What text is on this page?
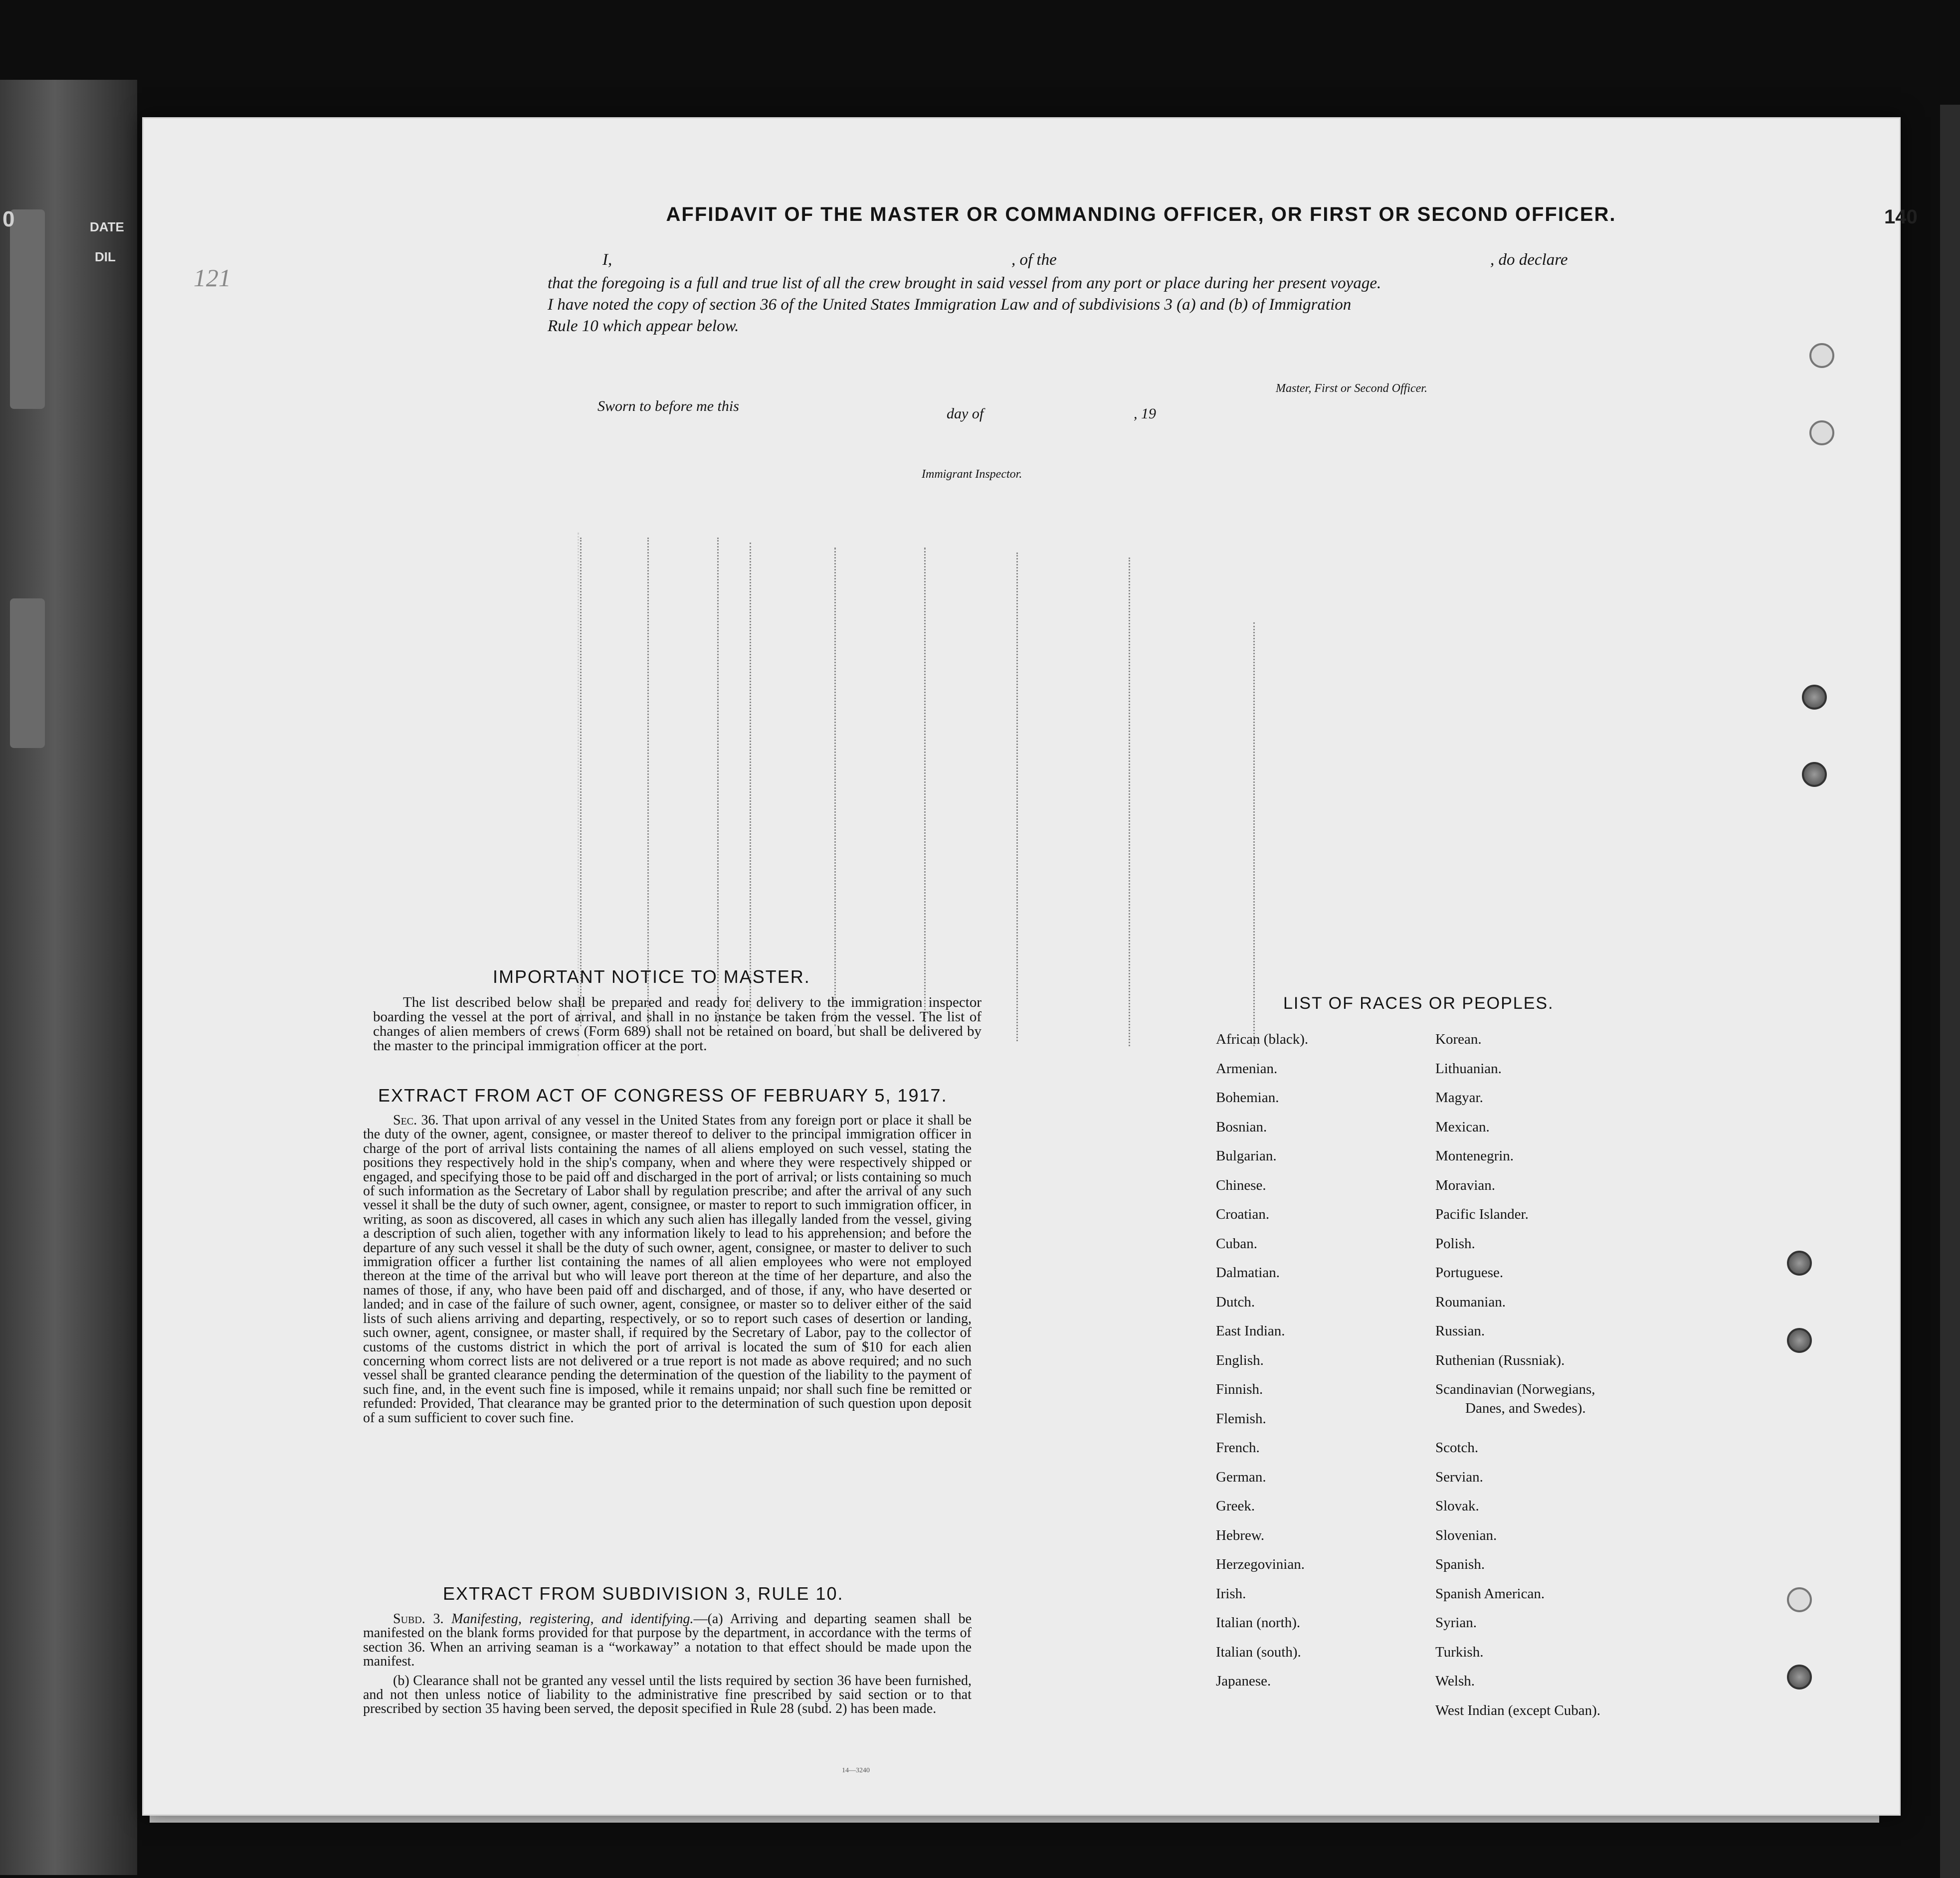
0	DATE
DIL
140
121
AFFIDAVIT OF THE MASTER OR COMMANDING OFFICER, OR FIRST OR SECOND OFFICER.
I,	, of the	, do declare
that the foregoing is a full and true list of all the crew brought in said vessel from any port or place during her present voyage.
I have noted the copy of section 36 of the United States Immigration Law and of subdivisions 3 (a) and (b) of Immigration
Rule 10 which appear below.
Master, First or Second Officer.
Sworn to before me this	day of	, 19
Immigrant Inspector.
IMPORTANT NOTICE TO MASTER.

The list described below shall be prepared and ready for delivery to the immigration inspector boarding the vessel at the port of arrival, and shall in no instance be taken from the vessel. The list of changes of alien members of crews (Form 689) shall not be retained on board, but shall be delivered by the master to the principal immigration officer at the port.

EXTRACT FROM ACT OF CONGRESS OF FEBRUARY 5, 1917.

Sec. 36. That upon arrival of any vessel in the United States from any foreign port or place it shall be the duty of the owner, agent, consignee, or master thereof to deliver to the principal immigration officer in charge of the port of arrival lists containing the names of all aliens employed on such vessel, stating the positions they respectively hold in the ship's company, when and where they were respectively shipped or engaged, and specifying those to be paid off and discharged in the port of arrival; or lists containing so much of such information as the Secretary of Labor shall by regulation prescribe; and after the arrival of any such vessel it shall be the duty of such owner, agent, consignee, or master to report to such immigration officer, in writing, as soon as discovered, all cases in which any such alien has illegally landed from the vessel, giving a description of such alien, together with any information likely to lead to his apprehension; and before the departure of any such vessel it shall be the duty of such owner, agent, consignee, or master to deliver to such immigration officer a further list containing the names of all alien employees who were not employed thereon at the time of the arrival but who will leave port thereon at the time of her departure, and also the names of those, if any, who have been paid off and discharged, and of those, if any, who have deserted or landed; and in case of the failure of such owner, agent, consignee, or master so to deliver either of the said lists of such aliens arriving and departing, respectively, or so to report such cases of desertion or landing, such owner, agent, consignee, or master shall, if required by the Secretary of Labor, pay to the collector of customs of the customs district in which the port of arrival is located the sum of $10 for each alien concerning whom correct lists are not delivered or a true report is not made as above required; and no such vessel shall be granted clearance pending the determination of the question of the liability to the payment of such fine, and, in the event such fine is imposed, while it remains unpaid; nor shall such fine be remitted or refunded: Provided, That clearance may be granted prior to the determination of such question upon deposit of a sum sufficient to cover such fine.

EXTRACT FROM SUBDIVISION 3, RULE 10.

Subd. 3. Manifesting, registering, and identifying.—(a) Arriving and departing seamen shall be manifested on the blank forms provided for that purpose by the department, in accordance with the terms of section 36. When an arriving seaman is a “workaway” a notation to that effect should be made upon the manifest.

(b) Clearance shall not be granted any vessel until the lists required by section 36 have been furnished, and not then unless notice of liability to the administrative fine prescribed by said section or to that prescribed by section 35 having been served, the deposit specified in Rule 28 (subd. 2) has been made.

14—3240
LIST OF RACES OR PEOPLES.
African (black).
Armenian.
Bohemian.
Bosnian.
Bulgarian.
Chinese.
Croatian.
Cuban.
Dalmatian.
Dutch.
East Indian.
English.
Finnish.
Flemish.
French.
German.
Greek.
Hebrew.
Herzegovinian.
Irish.
Italian (north).
Italian (south).
Japanese.
Korean.
Lithuanian.
Magyar.
Mexican.
Montenegrin.
Moravian.
Pacific Islander.
Polish.
Portuguese.
Roumanian.
Russian.
Ruthenian (Russniak).
Scandinavian (Norwegians,
Danes, and Swedes).
Scotch.
Servian.
Slovak.
Slovenian.
Spanish.
Spanish American.
Syrian.
Turkish.
Welsh.
West Indian (except Cuban).
